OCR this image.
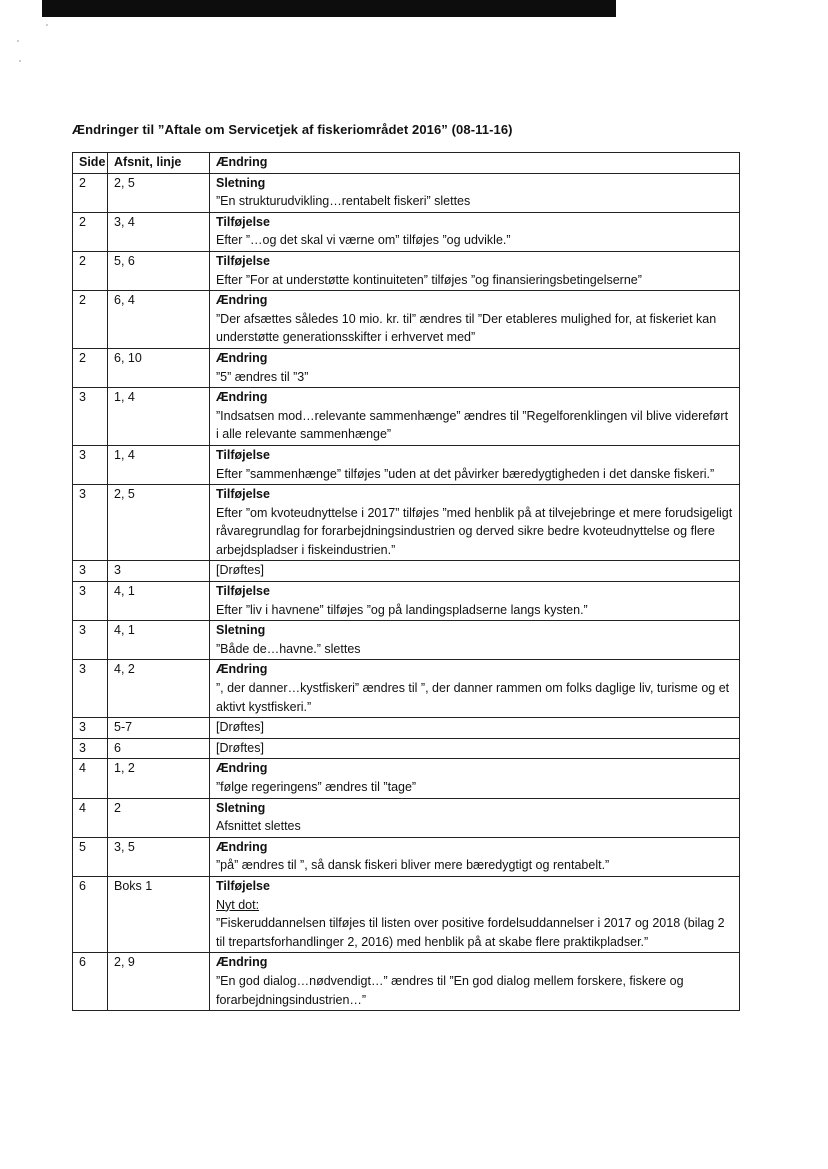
Ændringer til ”Aftale om Servicetjek af fiskeriområdet 2016” (08-11-16)
Side	Afsnit, linje	Ændring
2	2, 5	Sletning
”En strukturudvikling…rentabelt fiskeri” slettes

2	3, 4	Tilføjelse
Efter ”…og det skal vi værne om” tilføjes ”og udvikle.”

2	5, 6	Tilføjelse
Efter ”For at understøtte kontinuiteten” tilføjes ”og finansieringsbetingelserne”

2	6, 4	Ændring
”Der afsættes således 10 mio. kr. til” ændres til ”Der etableres mulighed for, at fiskeriet kan understøtte generationsskifter i erhvervet med”

2	6, 10	Ændring
”5” ændres til ”3”

3	1, 4	Ændring
”Indsatsen mod…relevante sammenhænge” ændres til ”Regelforenklingen vil blive videreført i alle relevante sammenhænge”

3	1, 4	Tilføjelse
Efter ”sammenhænge” tilføjes ”uden at det påvirker bæredygtigheden i det danske fiskeri.”

3	2, 5	Tilføjelse
Efter ”om kvoteudnyttelse i 2017” tilføjes ”med henblik på at tilvejebringe et mere forudsigeligt råvaregrundlag for forarbejdningsindustrien og derved sikre bedre kvoteudnyttelse og flere arbejdspladser i fiskeindustrien.”

3	3	[Drøftes]

3	4, 1	Tilføjelse
Efter ”liv i havnene” tilføjes ”og på landingspladserne langs kysten.”

3	4, 1	Sletning
”Både de…havne.” slettes

3	4, 2	Ændring
”, der danner…kystfiskeri” ændres til ”, der danner rammen om folks daglige liv, turisme og et aktivt kystfiskeri.”

3	5-7	[Drøftes]

3	6	[Drøftes]

4	1, 2	Ændring
”følge regeringens” ændres til ”tage”

4	2	Sletning
Afsnittet slettes

5	3, 5	Ændring
”på” ændres til ”, så dansk fiskeri bliver mere bæredygtigt og rentabelt.”

6	Boks 1	Tilføjelse
Nyt dot:
”Fiskeruddannelsen tilføjes til listen over positive fordelsuddannelser i 2017 og 2018 (bilag 2 til trepartsforhandlinger 2, 2016) med henblik på at skabe flere praktikpladser.”

6	2, 9	Ændring
”En god dialog…nødvendigt…” ændres til ”En god dialog mellem forskere, fiskere og forarbejdningsindustrien…”
